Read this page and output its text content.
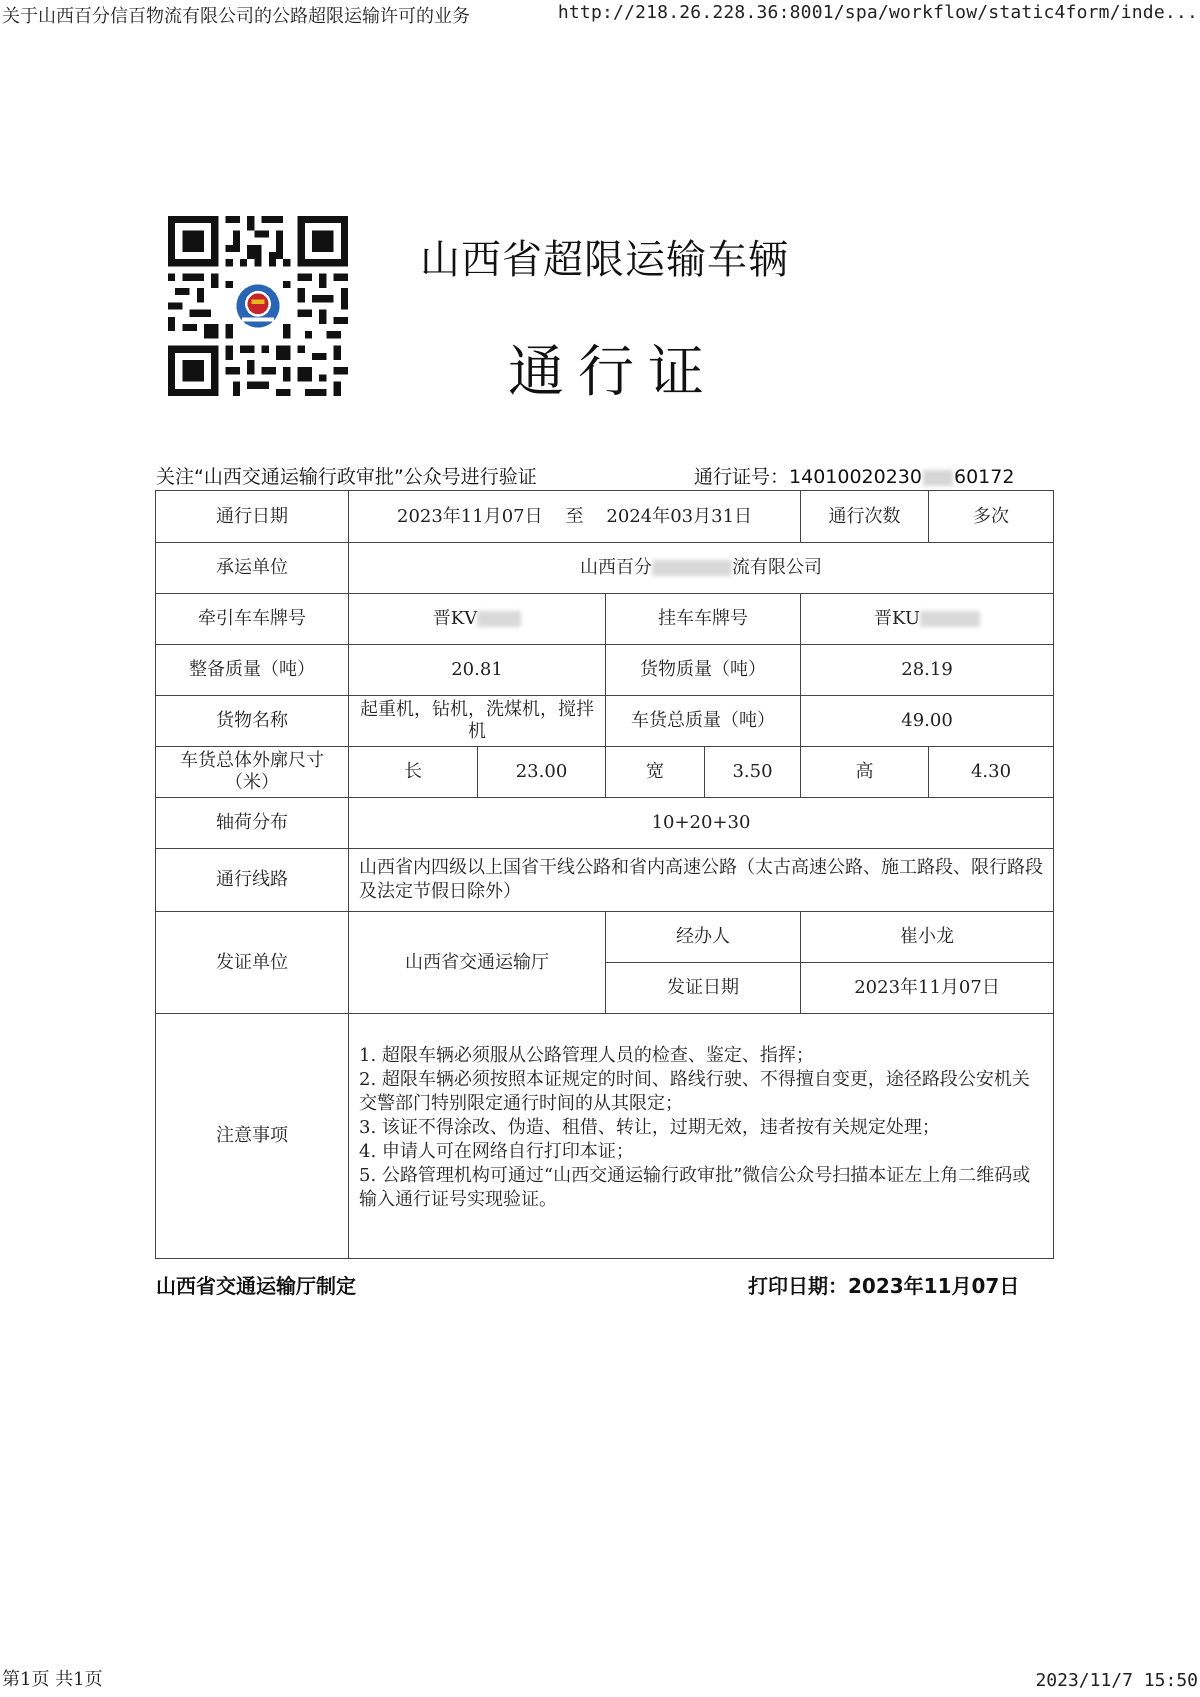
关于山西百分信百物流有限公司的公路超限运输许可的业务	http://218.26.228.36:8001/spa/workflow/static4form/inde...
山西省超限运输车辆
通行证
关注“山西交通运输行政审批”公众号进行验证	通行证号：14010020230 60172
通行日期	2023年11月07日 至 2024年03月31日				通行次数	多次
承运单位	山西百分 流有限公司					
牵引车车牌号	晋KV		挂车车牌号		晋KU	
整备质量（吨）	20.81		货物质量（吨）		28.19	
货物名称	起重机，钻机，洗煤机，搅拌机		车货总质量（吨）		49.00	
车货总体外廓尺寸（米）	长	23.00	宽	3.50	高	4.30
轴荷分布	10+20+30					
通行线路	山西省内四级以上国省干线公路和省内高速公路（太古高速公路、施工路段、限行路段及法定节假日除外）					
发证单位	山西省交通运输厅		经办人		崔小龙	
			发证日期		2023年11月07日	
注意事项	1. 超限车辆必须服从公路管理人员的检查、鉴定、指挥；
2. 超限车辆必须按照本证规定的时间、路线行驶、不得擅自变更，途径路段公安机关交警部门特别限定通行时间的从其限定；
3. 该证不得涂改、伪造、租借、转让，过期无效，违者按有关规定处理；
4. 申请人可在网络自行打印本证；
5. 公路管理机构可通过“山西交通运输行政审批”微信公众号扫描本证左上角二维码或输入通行证号实现验证。					
山西省交通运输厅制定	打印日期：2023年11月07日
第1页 共1页	2023/11/7 15:50
